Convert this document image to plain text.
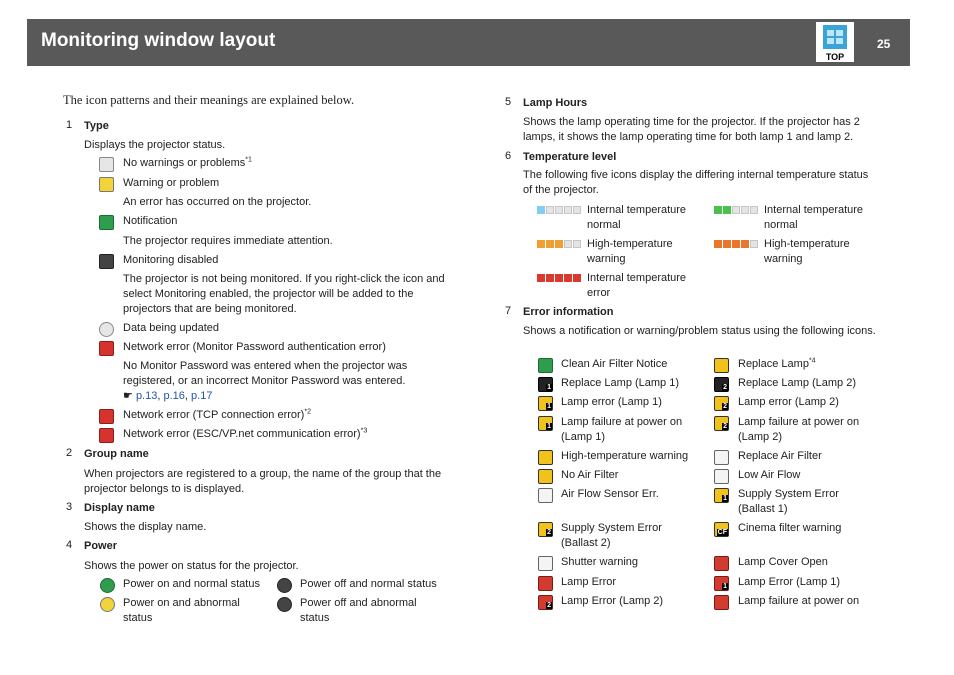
Monitoring window layout
TOP
25
The icon patterns and their meanings are explained below.
1 Type
Displays the projector status.
No warnings or problems$^{*1}$
Warning or problem
An error has occurred on the projector.
Notification
The projector requires immediate attention.
Monitoring disabled
The projector is not being monitored. If you right-click the icon and select Monitoring enabled, the projector will be added to the projectors that are being monitored.
Data being updated
Network error (Monitor Password authentication error)
No Monitor Password was entered when the projector was registered, or an incorrect Monitor Password was entered.
☛ p.13, p.16, p.17
Network error (TCP connection error)$^{*2}$
Network error (ESC/VP.net communication error)$^{*3}$
2 Group name
When projectors are registered to a group, the name of the group that the projector belongs to is displayed.
3 Display name
Shows the display name.
4 Power
Shows the power on status for the projector.
Power on and normal status	Power off and normal status
Power on and abnormal status
Power off and abnormal status
5 Lamp Hours
Shows the lamp operating time for the projector. If the projector has 2 lamps, it shows the lamp operating time for both lamp 1 and lamp 2.
6 Temperature level
The following five icons display the differing internal temperature status of the projector.
Internal temperature normal
Internal temperature normal
High-temperature warning
High-temperature warning
Internal temperature error
7 Error information
Shows a notification or warning/problem status using the following icons.
Clean Air Filter Notice
1 Replace Lamp (Lamp 1)
1 Lamp error (Lamp 1)
1 Lamp failure at power on (Lamp 1)
High-temperature warning
No Air Filter
Air Flow Sensor Err.
2 Supply System Error (Ballast 2)
Shutter warning
Lamp Error
2 Lamp Error (Lamp 2)
Replace Lamp$^{*4}$
2 Replace Lamp (Lamp 2)
2 Lamp error (Lamp 2)
2 Lamp failure at power on (Lamp 2)
Replace Air Filter
Low Air Flow
1 Supply System Error (Ballast 1)
CF Cinema filter warning
Lamp Cover Open
1 Lamp Error (Lamp 1)
Lamp failure at power on
